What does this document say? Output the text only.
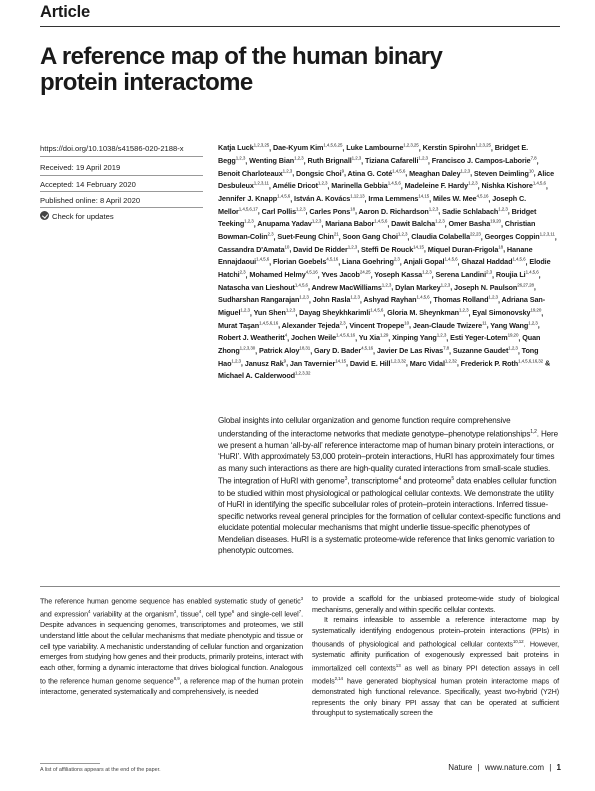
Article
A reference map of the human binary
protein interactome
https://doi.org/10.1038/s41586-020-2188-x
Received: 19 April 2019
Accepted: 14 February 2020
Published online: 8 April 2020
Check for updates
Katja Luck$^{1,2,3,25}$, Dae-Kyum Kim$^{1,4,5,6,25}$, Luke Lambourne$^{1,2,3,25}$, Kerstin Spirohn$^{1,2,3,25}$, Bridget E. Begg$^{1,2,3}$, Wenting Bian$^{1,2,3}$, Ruth Brignall$^{1,2,3}$, Tiziana Cafarelli$^{1,2,3}$, Francisco J. Campos-Laborie$^{7,8}$, Benoit Charloteaux$^{1,2,3}$, Dongsic Choi$^9$, Atina G. Coté$^{1,4,5,6}$, Meaghan Daley$^{1,2,3}$, Steven Deimling$^{10}$, Alice Desbuleux$^{1,2,3,11}$, Amélie Dricot$^{1,2,3}$, Marinella Gebbia$^{1,4,5,6}$, Madeleine F. Hardy$^{1,2,3}$, Nishka Kishore$^{1,4,5,6}$, Jennifer J. Knapp$^{1,4,5,6}$, István A. Kovács$^{1,12,13}$, Irma Lemmens$^{14,15}$, Miles W. Mee$^{4,5,16}$, Joseph C. Mellor$^{1,4,5,6,17}$, Carl Pollis$^{1,2,3}$, Carles Pons$^{18}$, Aaron D. Richardson$^{1,2,3}$, Sadie Schlabach$^{1,2,3}$, Bridget Teeking$^{1,2,3}$, Anupama Yadav$^{1,2,3}$, Mariana Babor$^{1,4,5,6}$, Dawit Balcha$^{1,2,3}$, Omer Basha$^{19,20}$, Christian Bowman-Colin$^{2,3}$, Suet-Feung Chin$^{21}$, Soon Gang Choi$^{1,2,3}$, Claudia Colabella$^{22,23}$, Georges Coppin$^{1,2,3,11}$, Cassandra D'Amata$^{10}$, David De Ridder$^{1,2,3}$, Steffi De Rouck$^{14,15}$, Miquel Duran-Frigola$^{18}$, Hanane Ennajdaoui$^{1,4,5,6}$, Florian Goebels$^{4,5,16}$, Liana Goehring$^{2,3}$, Anjali Gopal$^{1,4,5,6}$, Ghazal Haddad$^{1,4,5,6}$, Elodie Hatchi$^{2,3}$, Mohamed Helmy$^{4,5,16}$, Yves Jacob$^{24,25}$, Yoseph Kassa$^{1,2,3}$, Serena Landini$^{2,3}$, Roujia Li$^{1,4,5,6}$, Natascha van Lieshout$^{1,4,5,6}$, Andrew MacWilliams$^{1,2,3}$, Dylan Markey$^{1,2,3}$, Joseph N. Paulson$^{26,27,28}$, Sudharshan Rangarajan$^{1,2,3}$, John Rasla$^{1,2,3}$, Ashyad Rayhan$^{1,4,5,6}$, Thomas Rolland$^{1,2,3}$, Adriana San-Miguel$^{1,2,3}$, Yun Shen$^{1,2,3}$, Dayag Sheykhkarimli$^{1,4,5,6}$, Gloria M. Sheynkman$^{1,2,3}$, Eyal Simonovsky$^{19,20}$, Murat Taşan$^{1,4,5,6,16}$, Alexander Tejeda$^{2,3}$, Vincent Tropepe$^{10}$, Jean-Claude Twizere$^{11}$, Yang Wang$^{1,2,3}$, Robert J. Weatheritt$^4$, Jochen Weile$^{1,4,5,6,16}$, Yu Xia$^{1,29}$, Xinping Yang$^{1,2,3}$, Esti Yeger-Lotem$^{19,20}$, Quan Zhong$^{1,2,3,30}$, Patrick Aloy$^{18,31}$, Gary D. Bader$^{4,5,16}$, Javier De Las Rivas$^{7,8}$, Suzanne Gaudet$^{1,2,3}$, Tong Hao$^{1,2,3}$, Janusz Rak$^9$, Jan Tavernier$^{14,15}$, David E. Hill$^{1,2,3,32}$, Marc Vidal$^{1,2,32}$, Frederick P. Roth$^{1,4,5,6,16,32}$ & Michael A. Calderwood$^{1,2,3,32}$
Global insights into cellular organization and genome function require comprehensive understanding of the interactome networks that mediate genotype–phenotype relationships$^{1,2}$. Here we present a human ‘all-by-all’ reference interactome map of human binary protein interactions, or ‘HuRI’. With approximately 53,000 protein–protein interactions, HuRI has approximately four times as many such interactions as there are high-quality curated interactions from small-scale studies. The integration of HuRI with genome$^3$, transcriptome$^4$ and proteome$^5$ data enables cellular function to be studied within most physiological or pathological cellular contexts. We demonstrate the utility of HuRI in identifying the specific subcellular roles of protein–protein interactions. Inferred tissue-specific networks reveal general principles for the formation of cellular context-specific functions and elucidate potential molecular mechanisms that might underlie tissue-specific phenotypes of Mendelian diseases. HuRI is a systematic proteome-wide reference that links genomic variation to phenotypic outcomes.
The reference human genome sequence has enabled systematic study of genetic$^3$ and expression$^4$ variability at the organism$^3$, tissue$^4$, cell type$^6$ and single-cell level$^7$. Despite advances in sequencing genomes, transcriptomes and proteomes, we still understand little about the cellular mechanisms that mediate phenotypic and tissue or cell type variability. A mechanistic understanding of cellular function and organization emerges from studying how genes and their products, primarily proteins, interact with each other, forming a dynamic interactome that drives biological function. Analogous to the reference human genome sequence$^{8,9}$, a reference map of the human protein interactome, generated systematically and comprehensively, is needed

to provide a scaffold for the unbiased proteome-wide study of biological mechanisms, generally and within specific cellular contexts.

It remains infeasible to assemble a reference interactome map by systematically identifying endogenous protein–protein interactions (PPIs) in thousands of physiological and pathological cellular contexts$^{10,12}$. However, systematic affinity purification of exogenously expressed bait proteins in immortalized cell contexts$^{13}$ as well as binary PPI detection assays in cell models$^{2,14}$ have generated biophysical human protein interactome maps of demonstrated high functional relevance. Specifically, yeast two-hybrid (Y2H) represents the only binary PPI assay that can be operated at sufficient throughput to systematically screen the

A list of affiliations appears at the end of the paper.	Nature | www.nature.com | 1
